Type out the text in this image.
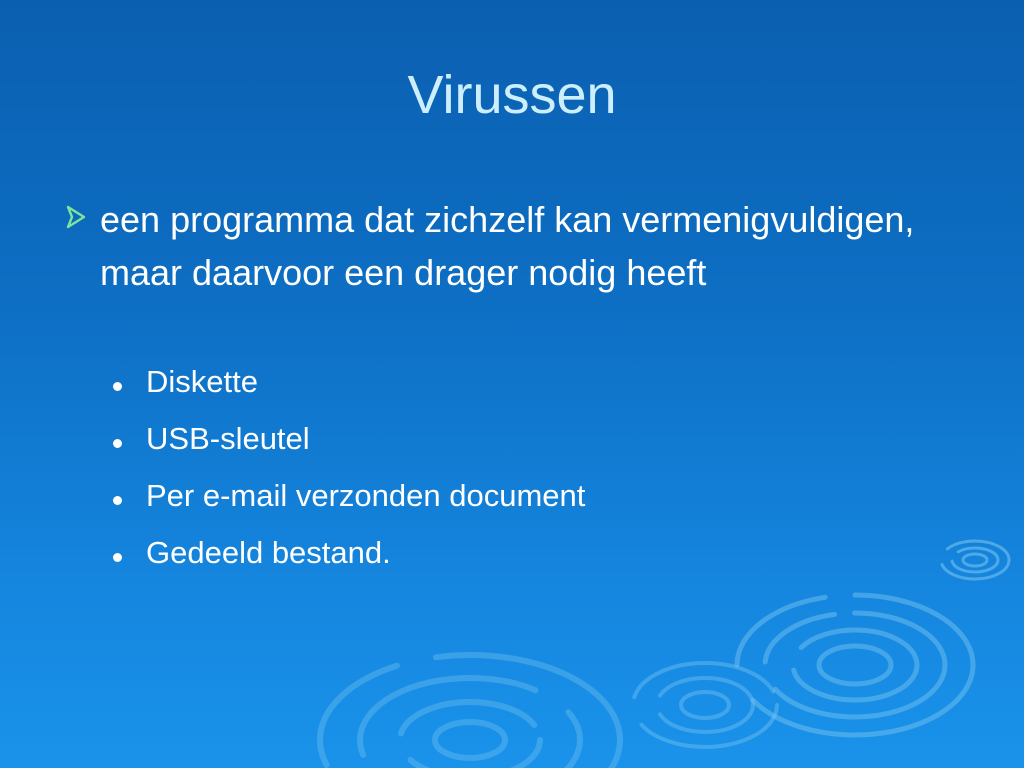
Virussen
een programma dat zichzelf kan vermenigvuldigen, maar daarvoor een drager nodig heeft
Diskette
USB-sleutel
Per e-mail verzonden document
Gedeeld bestand.
